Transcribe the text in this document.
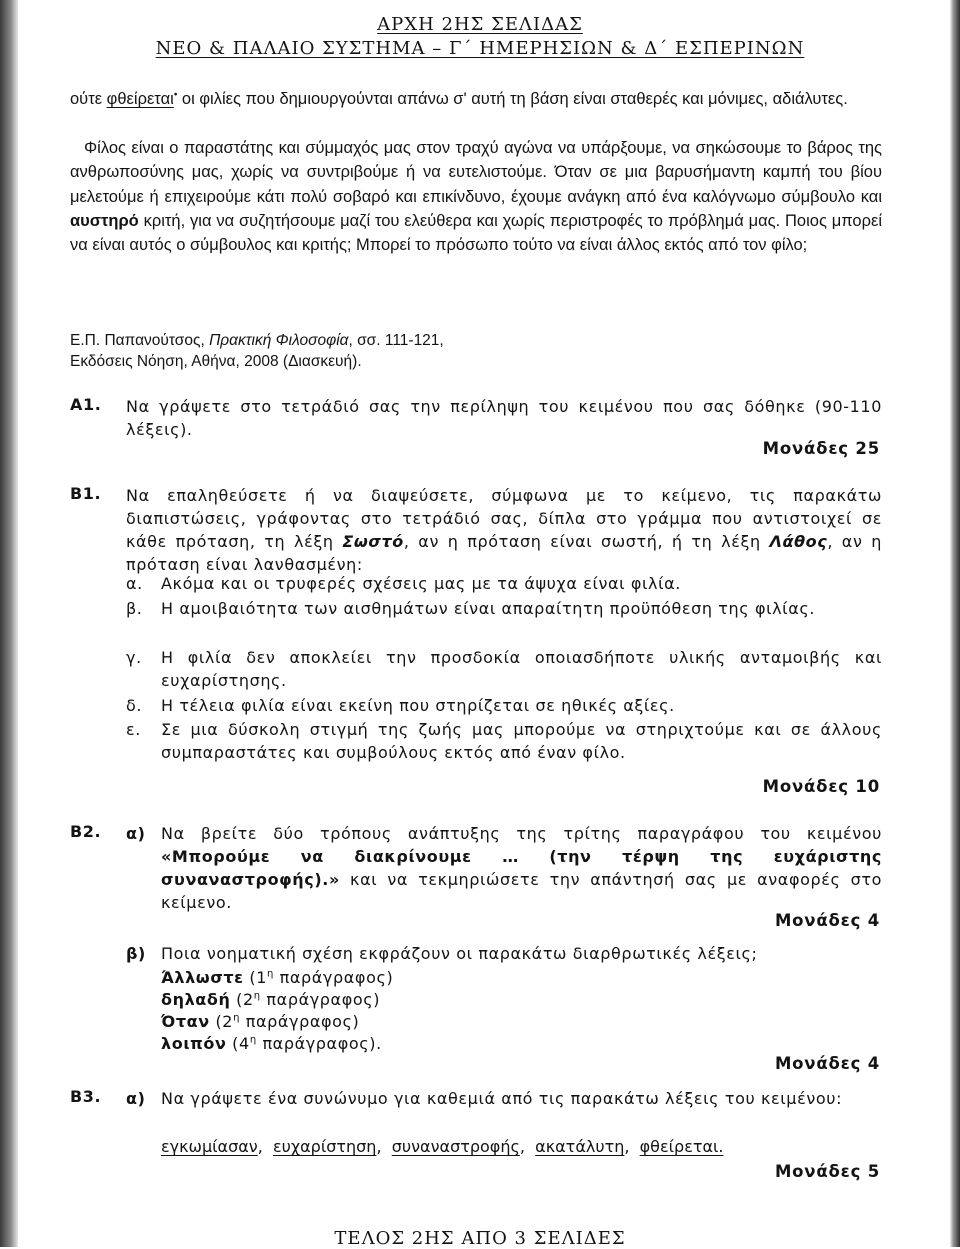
ΑΡΧΗ 2ΗΣ ΣΕΛΙΔΑΣ
ΝΕΟ & ΠΑΛΑΙΟ ΣΥΣΤΗΜΑ – Γ΄ ΗΜΕΡΗΣΙΩΝ & Δ΄ ΕΣΠΕΡΙΝΩΝ

ούτε φθείρεται• οι φιλίες που δημιουργούνται απάνω σ' αυτή τη βάση είναι σταθερές και μόνιμες, αδιάλυτες.

Φίλος είναι ο παραστάτης και σύμμαχός μας στον τραχύ αγώνα να υπάρξουμε, να σηκώσουμε το βάρος της ανθρωποσύνης μας, χωρίς να συντριβούμε ή να ευτελιστούμε. Όταν σε μια βαρυσήμαντη καμπή του βίου μελετούμε ή επιχειρούμε κάτι πολύ σοβαρό και επικίνδυνο, έχουμε ανάγκη από ένα καλόγνωμο σύμβουλο και αυστηρό κριτή, για να συζητήσουμε μαζί του ελεύθερα και χωρίς περιστροφές το πρόβλημά μας. Ποιος μπορεί να είναι αυτός ο σύμβουλος και κριτής; Μπορεί το πρόσωπο τούτο να είναι άλλος εκτός από τον φίλο;

Ε.Π. Παπανούτσος, Πρακτική Φιλοσοφία, σσ. 111-121,
Εκδόσεις Νόηση, Αθήνα, 2008 (Διασκευή).
Α1. Να γράψετε στο τετράδιό σας την περίληψη του κειμένου που σας δόθηκε (90-110 λέξεις).
Μονάδες 25
Β1. Να επαληθεύσετε ή να διαψεύσετε, σύμφωνα με το κείμενο, τις παρακάτω διαπιστώσεις, γράφοντας στο τετράδιό σας, δίπλα στο γράμμα που αντιστοιχεί σε κάθε πρόταση, τη λέξη Σωστό, αν η πρόταση είναι σωστή, ή τη λέξη Λάθος, αν η πρόταση είναι λανθασμένη:
α. Ακόμα και οι τρυφερές σχέσεις μας με τα άψυχα είναι φιλία.
β. Η αμοιβαιότητα των αισθημάτων είναι απαραίτητη προϋπόθεση της φιλίας.
γ. Η φιλία δεν αποκλείει την προσδοκία οποιασδήποτε υλικής ανταμοιβής και ευχαρίστησης.
δ. Η τέλεια φιλία είναι εκείνη που στηρίζεται σε ηθικές αξίες.
ε. Σε μια δύσκολη στιγμή της ζωής μας μπορούμε να στηριχτούμε και σε άλλους συμπαραστάτες και συμβούλους εκτός από έναν φίλο.
Μονάδες 10
Β2. α) Να βρείτε δύο τρόπους ανάπτυξης της τρίτης παραγράφου του κειμένου «Μπορούμε να διακρίνουμε … (την τέρψη της ευχάριστης συναναστροφής).» και να τεκμηριώσετε την απάντησή σας με αναφορές στο κείμενο.
Μονάδες 4
β) Ποια νοηματική σχέση εκφράζουν οι παρακάτω διαρθρωτικές λέξεις;
Άλλωστε ($1^\eta$ παράγραφος)
δηλαδή ($2^\eta$ παράγραφος)
Όταν ($2^\eta$ παράγραφος)
λοιπόν ($4^\eta$ παράγραφος).
Μονάδες 4
Β3. α) Να γράψετε ένα συνώνυμο για καθεμιά από τις παρακάτω λέξεις του κειμένου:
εγκωμίασαν,  ευχαρίστηση,  συναναστροφής,  ακατάλυτη,  φθείρεται.
Μονάδες 5
ΤΕΛΟΣ 2ΗΣ ΑΠΟ 3 ΣΕΛΙΔΕΣ
